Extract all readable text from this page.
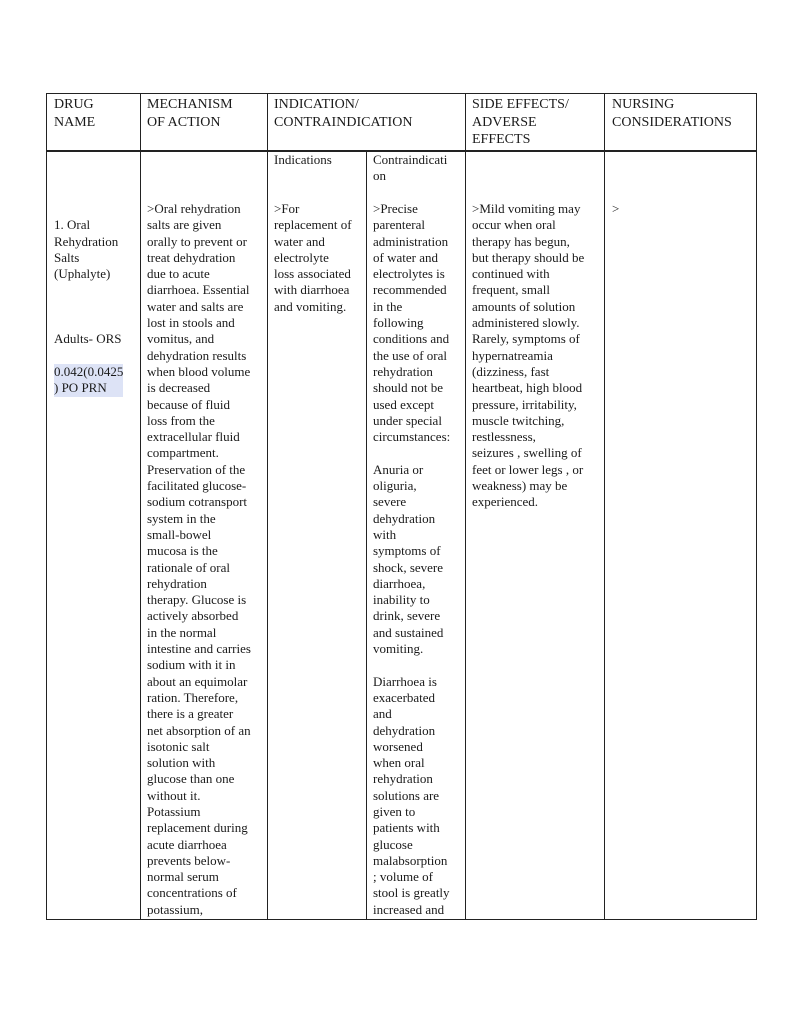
DRUG
NAME
MECHANISM
OF ACTION
INDICATION/
CONTRAINDICATION
SIDE EFFECTS/
ADVERSE
EFFECTS
NURSING
CONSIDERATIONS
Indications	Contraindicati
on

1. Oral
Rehydration
Salts
(Uphalyte)

Adults- ORS

0.042(0.0425
) PO PRN

>Oral rehydration
salts are given
orally to prevent or
treat dehydration
due to acute
diarrhoea. Essential
water and salts are
lost in stools and
vomitus, and
dehydration results
when blood volume
is decreased
because of fluid
loss from the
extracellular fluid
compartment.
Preservation of the
facilitated glucose-
sodium cotransport
system in the
small-bowel
mucosa is the
rationale of oral
rehydration
therapy. Glucose is
actively absorbed
in the normal
intestine and carries
sodium with it in
about an equimolar
ration. Therefore,
there is a greater
net absorption of an
isotonic salt
solution with
glucose than one
without it.
Potassium
replacement during
acute diarrhoea
prevents below-
normal serum
concentrations of
potassium,
>For
replacement of
water and
electrolyte
loss associated
with diarrhoea
and vomiting.
>Precise
parenteral
administration
of water and
electrolytes is
recommended
in the
following
conditions and
the use of oral
rehydration
should not be
used except
under special
circumstances:

Anuria or
oliguria,
severe
dehydration
with
symptoms of
shock, severe
diarrhoea,
inability to
drink, severe
and sustained
vomiting.

Diarrhoea is
exacerbated
and
dehydration
worsened
when oral
rehydration
solutions are
given to
patients with
glucose
malabsorption
; volume of
stool is greatly
increased and
>Mild vomiting may
occur when oral
therapy has begun,
but therapy should be
continued with
frequent, small
amounts of solution
administered slowly.
Rarely, symptoms of
hypernatreamia
(dizziness, fast
heartbeat, high blood
pressure, irritability,
muscle twitching,
restlessness,
seizures , swelling of
feet or lower legs , or
weakness) may be
experienced.
>
